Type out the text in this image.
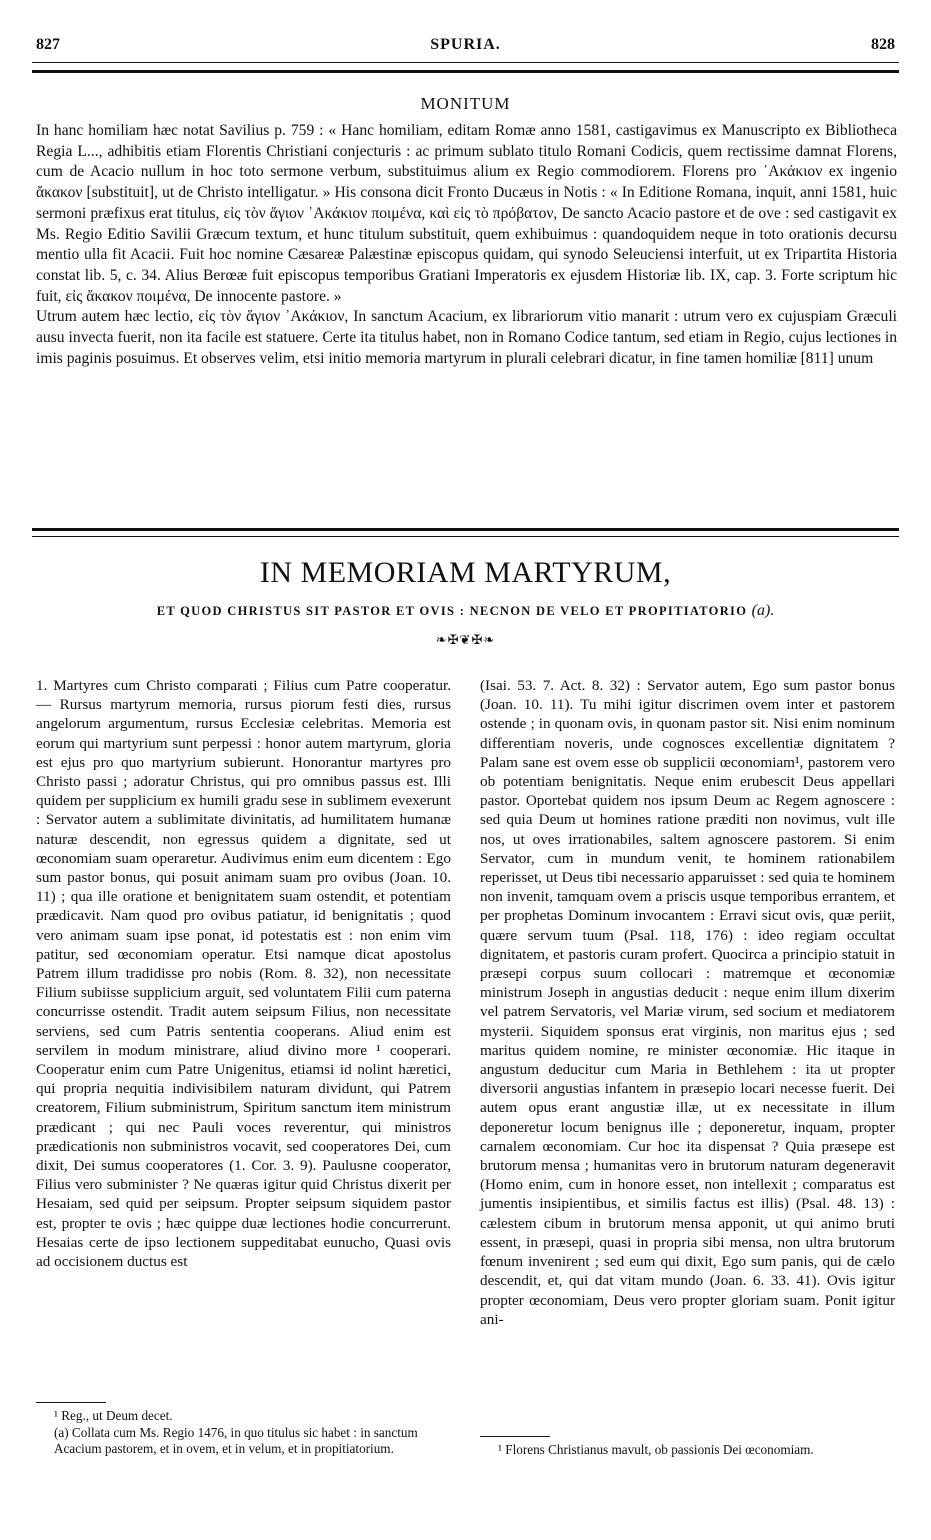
827	SPURIA.	828
MONITUM

In hanc homiliam hæc notat Savilius p. 759 : « Hanc homiliam, editam Romæ anno 1581, castigavimus ex Manuscripto ex Bibliotheca Regia L..., adhibitis etiam Florentis Christiani conjecturis : ac primum sublato titulo Romani Codicis, quem rectissime damnat Florens, cum de Acacio nullum in hoc toto sermone verbum, substituimus alium ex Regio commodiorem. Florens pro ᾿Ακάκιον ex ingenio ἄκακον [substituit], ut de Christo intelligatur. » His consona dicit Fronto Ducæus in Notis : « In Editione Romana, inquit, anni 1581, huic sermoni præfixus erat titulus, εἰς τὸν ἅγιον ᾿Ακάκιον ποιμένα, καὶ εἰς τὸ πρόβατον, De sancto Acacio pastore et de ove : sed castigavit ex Ms. Regio Editio Savilii Græcum textum, et hunc titulum substituit, quem exhibuimus : quandoquidem neque in toto orationis decursu mentio ulla fit Acacii. Fuit hoc nomine Cæsareæ Palæstinæ episcopus quidam, qui synodo Seleuciensi interfuit, ut ex Tripartita Historia constat lib. 5, c. 34. Alius Berœæ fuit episcopus temporibus Gratiani Imperatoris ex ejusdem Historiæ lib. IX, cap. 3. Forte scriptum hic fuit, εἰς ἄκακον ποιμένα, De innocente pastore. »

Utrum autem hæc lectio, εἰς τὸν ἅγιον ᾿Ακάκιον, In sanctum Acacium, ex librariorum vitio manarit : utrum vero ex cujuspiam Græculi ausu invecta fuerit, non ita facile est statuere. Certe ita titulus habet, non in Romano Codice tantum, sed etiam in Regio, cujus lectiones in imis paginis posuimus. Et observes velim, etsi initio memoria martyrum in plurali celebrari dicatur, in fine tamen homiliæ [811] unum

IN MEMORIAM MARTYRUM,
ET QUOD CHRISTUS SIT PASTOR ET OVIS : NECNON DE VELO ET PROPITIATORIO (a).
❧✠❦✠❧

1. Martyres cum Christo comparati ; Filius cum Patre cooperatur. — Rursus martyrum memoria, rursus piorum festi dies, rursus angelorum argumentum, rursus Ecclesiæ celebritas. Memoria est eorum qui martyrium sunt perpessi : honor autem martyrum, gloria est ejus pro quo martyrium subierunt. Honorantur martyres pro Christo passi ; adoratur Christus, qui pro omnibus passus est. Illi quidem per supplicium ex humili gradu sese in sublimem evexerunt : Servator autem a sublimitate divinitatis, ad humilitatem humanæ naturæ descendit, non egressus quidem a dignitate, sed ut œconomiam suam operaretur. Audivimus enim eum dicentem : Ego sum pastor bonus, qui posuit animam suam pro ovibus (Joan. 10. 11) ; qua ille oratione et benignitatem suam ostendit, et potentiam prædicavit. Nam quod pro ovibus patiatur, id benignitatis ; quod vero animam suam ipse ponat, id potestatis est : non enim vim patitur, sed œconomiam operatur. Etsi namque dicat apostolus Patrem illum tradidisse pro nobis (Rom. 8. 32), non necessitate Filium subiisse supplicium arguit, sed voluntatem Filii cum paterna concurrisse ostendit. Tradit autem seipsum Filius, non necessitate serviens, sed cum Patris sententia cooperans. Aliud enim est servilem in modum ministrare, aliud divino more ¹ cooperari. Cooperatur enim cum Patre Unigenitus, etiamsi id nolint hæretici, qui propria nequitia indivisibilem naturam dividunt, qui Patrem creatorem, Filium subministrum, Spiritum sanctum item ministrum prædicant ; qui nec Pauli voces reverentur, qui ministros prædicationis non subministros vocavit, sed cooperatores Dei, cum dixit, Dei sumus cooperatores (1. Cor. 3. 9). Paulusne cooperator, Filius vero subminister ? Ne quæras igitur quid Christus dixerit per Hesaiam, sed quid per seipsum. Propter seipsum siquidem pastor est, propter te ovis ; hæc quippe duæ lectiones hodie concurrerunt. Hesaias certe de ipso lectionem suppeditabat eunucho, Quasi ovis ad occisionem ductus est

(Isai. 53. 7. Act. 8. 32) : Servator autem, Ego sum pastor bonus (Joan. 10. 11). Tu mihi igitur discrimen ovem inter et pastorem ostende ; in quonam ovis, in quonam pastor sit. Nisi enim nominum differentiam noveris, unde cognosces excellentiæ dignitatem ? Palam sane est ovem esse ob supplicii œconomiam¹, pastorem vero ob potentiam benignitatis. Neque enim erubescit Deus appellari pastor. Oportebat quidem nos ipsum Deum ac Regem agnoscere : sed quia Deum ut homines ratione præditi non novimus, vult ille nos, ut oves irrationabiles, saltem agnoscere pastorem. Si enim Servator, cum in mundum venit, te hominem rationabilem reperisset, ut Deus tibi necessario apparuisset : sed quia te hominem non invenit, tamquam ovem a priscis usque temporibus errantem, et per prophetas Dominum invocantem : Erravi sicut ovis, quæ periit, quære servum tuum (Psal. 118, 176) : ideo regiam occultat dignitatem, et pastoris curam profert. Quocirca a principio statuit in præsepi corpus suum collocari : matremque et œconomiæ ministrum Joseph in angustias deducit : neque enim illum dixerim vel patrem Servatoris, vel Mariæ virum, sed socium et mediatorem mysterii. Siquidem sponsus erat virginis, non maritus ejus ; sed maritus quidem nomine, re minister œconomiæ. Hic itaque in angustum deducitur cum Maria in Bethlehem : ita ut propter diversorii angustias infantem in præsepio locari necesse fuerit. Dei autem opus erant angustiæ illæ, ut ex necessitate in illum deponeretur locum benignus ille ; deponeretur, inquam, propter carnalem œconomiam. Cur hoc ita dispensat ? Quia præsepe est brutorum mensa ; humanitas vero in brutorum naturam degeneravit (Homo enim, cum in honore esset, non intellexit ; comparatus est jumentis insipientibus, et similis factus est illis) (Psal. 48. 13) : cælestem cibum in brutorum mensa apponit, ut qui animo bruti essent, in præsepi, quasi in propria sibi mensa, non ultra brutorum fœnum invenirent ; sed eum qui dixit, Ego sum panis, qui de cælo descendit, et, qui dat vitam mundo (Joan. 6. 33. 41). Ovis igitur propter œconomiam, Deus vero propter gloriam suam. Ponit igitur ani-

¹ Reg., ut Deum decet.

(a) Collata cum Ms. Regio 1476, in quo titulus sic habet : in sanctum Acacium pastorem, et in ovem, et in velum, et in propitiatorium.	¹ Florens Christianus mavult, ob passionis Dei œconomiam.
